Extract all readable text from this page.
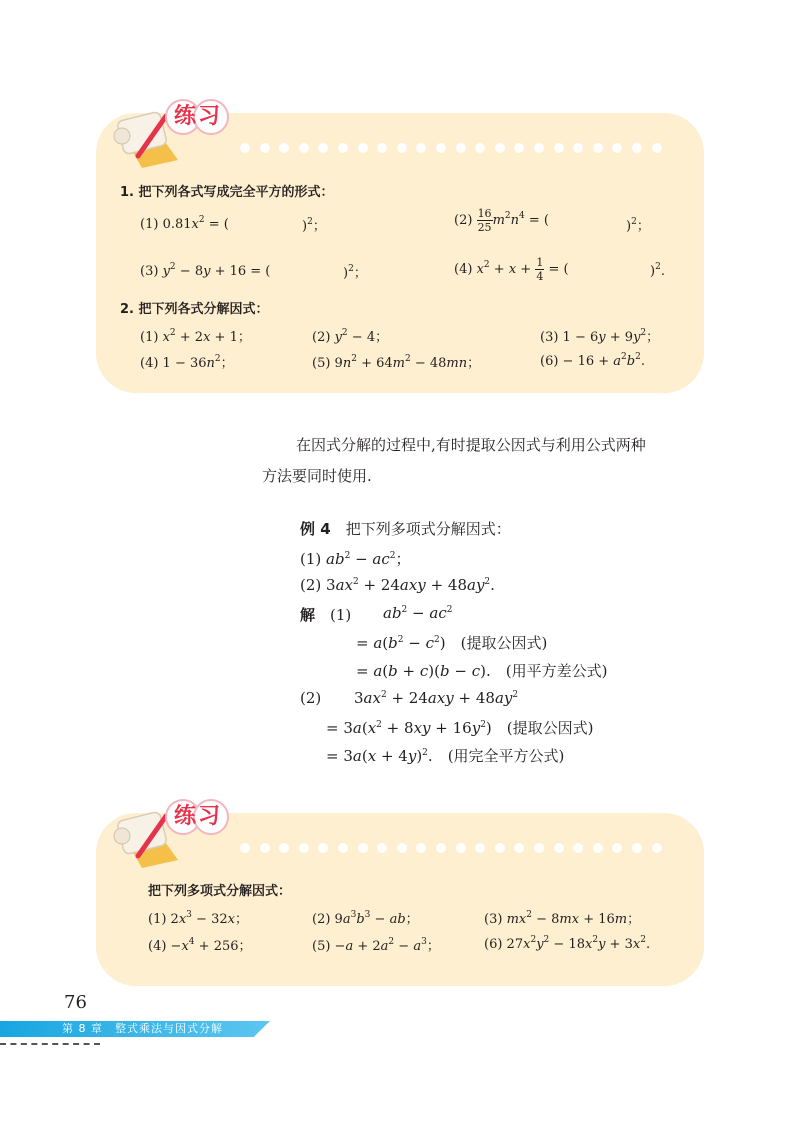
练习
1. 把下列各式写成完全平方的形式：
(1) $0.81x^2$ = (	)$^2$；	$(2) \frac{16}{25} m^2n^4$ = (	)$^2$；
(3) $y^2 - 8y + 16$ = (	)$^2$；	(4) $x^2 + x + \frac{1}{4}$ = (	)$^2$.
2. 把下列各式分解因式：
(1) $x^2 + 2x + 1$；	(2) $y^2 - 4$；	(3) $1 - 6y + 9y^2$；
(4) $1 - 36n^2$；	(5) $9n^2 + 64m^2 - 48mn$；	$(6) - 16 + a^2b^2$.
在因式分解的过程中,有时提取公因式与利用公式两种
方法要同时使用.
例 4　 把下列多项式分解因式：
(1) $ab^2 - ac^2$；
(2) $3ax^2 + 24axy + 48ay^2$.
解　 (1) $ab^2 - ac^2$
= $a(b^2 - c^2)$　(提取公因式)
= a(b + c)(b − c).　(用平方差公式)
(2) $3ax^2 + 24axy + 48ay^2$
= $3a(x^2 + 8xy + 16y^2)$　(提取公因式)
= $3a(x + 4y)^2$.　(用完全平方公式)
练习
把下列多项式分解因式：
(1) $2x^3 - 32x$；	(2) $9a^3b^3$ − ab；	(3) $mx^2 - 8mx + 16m$；
$(4) -x^4 + 256$；	$(5) -a + 2a^2 - a^3$；	(6) $27x^2y^2 - 18x^2y + 3x^2$.
76
第 8 章　整式乘法与因式分解
